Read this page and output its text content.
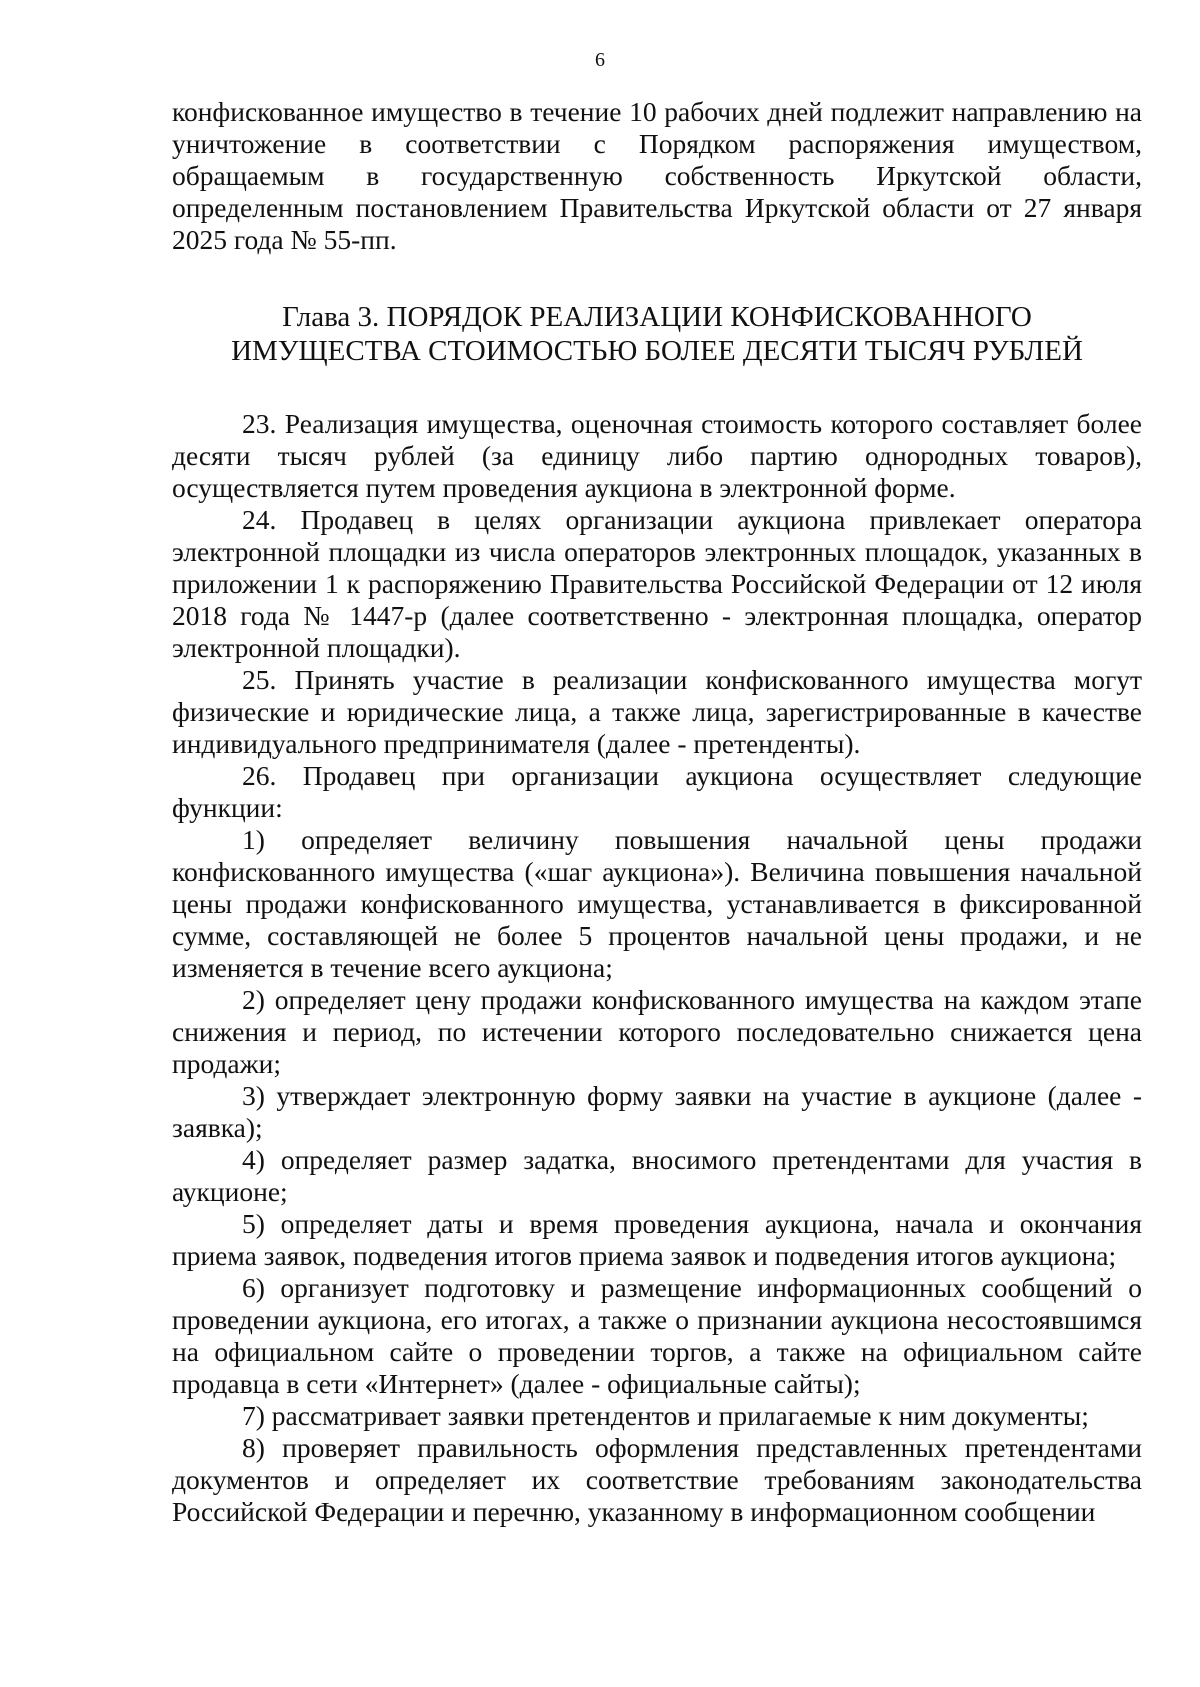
6

конфискованное имущество в течение 10 рабочих дней подлежит направлению на уничтожение в соответствии с Порядком распоряжения имуществом, обращаемым в государственную собственность Иркутской области, определенным постановлением Правительства Иркутской области от 27 января 2025 года № 55-пп.

Глава 3. ПОРЯДОК РЕАЛИЗАЦИИ КОНФИСКОВАННОГО
ИМУЩЕСТВА СТОИМОСТЬЮ БОЛЕЕ ДЕСЯТИ ТЫСЯЧ РУБЛЕЙ

23. Реализация имущества, оценочная стоимость которого составляет более десяти тысяч рублей (за единицу либо партию однородных товаров), осуществляется путем проведения аукциона в электронной форме.

24. Продавец в целях организации аукциона привлекает оператора электронной площадки из числа операторов электронных площадок, указанных в приложении 1 к распоряжению Правительства Российской Федерации от 12 июля 2018 года № 1447-р (далее соответственно - электронная площадка, оператор электронной площадки).

25. Принять участие в реализации конфискованного имущества могут физические и юридические лица, а также лица, зарегистрированные в качестве индивидуального предпринимателя (далее - претенденты).

26. Продавец при организации аукциона осуществляет следующие функции:

1) определяет величину повышения начальной цены продажи конфискованного имущества («шаг аукциона»). Величина повышения начальной цены продажи конфискованного имущества, устанавливается в фиксированной сумме, составляющей не более 5 процентов начальной цены продажи, и не изменяется в течение всего аукциона;

2) определяет цену продажи конфискованного имущества на каждом этапе снижения и период, по истечении которого последовательно снижается цена продажи;

3) утверждает электронную форму заявки на участие в аукционе (далее - заявка);

4) определяет размер задатка, вносимого претендентами для участия в аукционе;

5) определяет даты и время проведения аукциона, начала и окончания приема заявок, подведения итогов приема заявок и подведения итогов аукциона;

6) организует подготовку и размещение информационных сообщений о проведении аукциона, его итогах, а также о признании аукциона несостоявшимся на официальном сайте о проведении торгов, а также на официальном сайте продавца в сети «Интернет» (далее - официальные сайты);

7) рассматривает заявки претендентов и прилагаемые к ним документы;

8) проверяет правильность оформления представленных претендентами документов и определяет их соответствие требованиям законодательства Российской Федерации и перечню, указанному в информационном сообщении
